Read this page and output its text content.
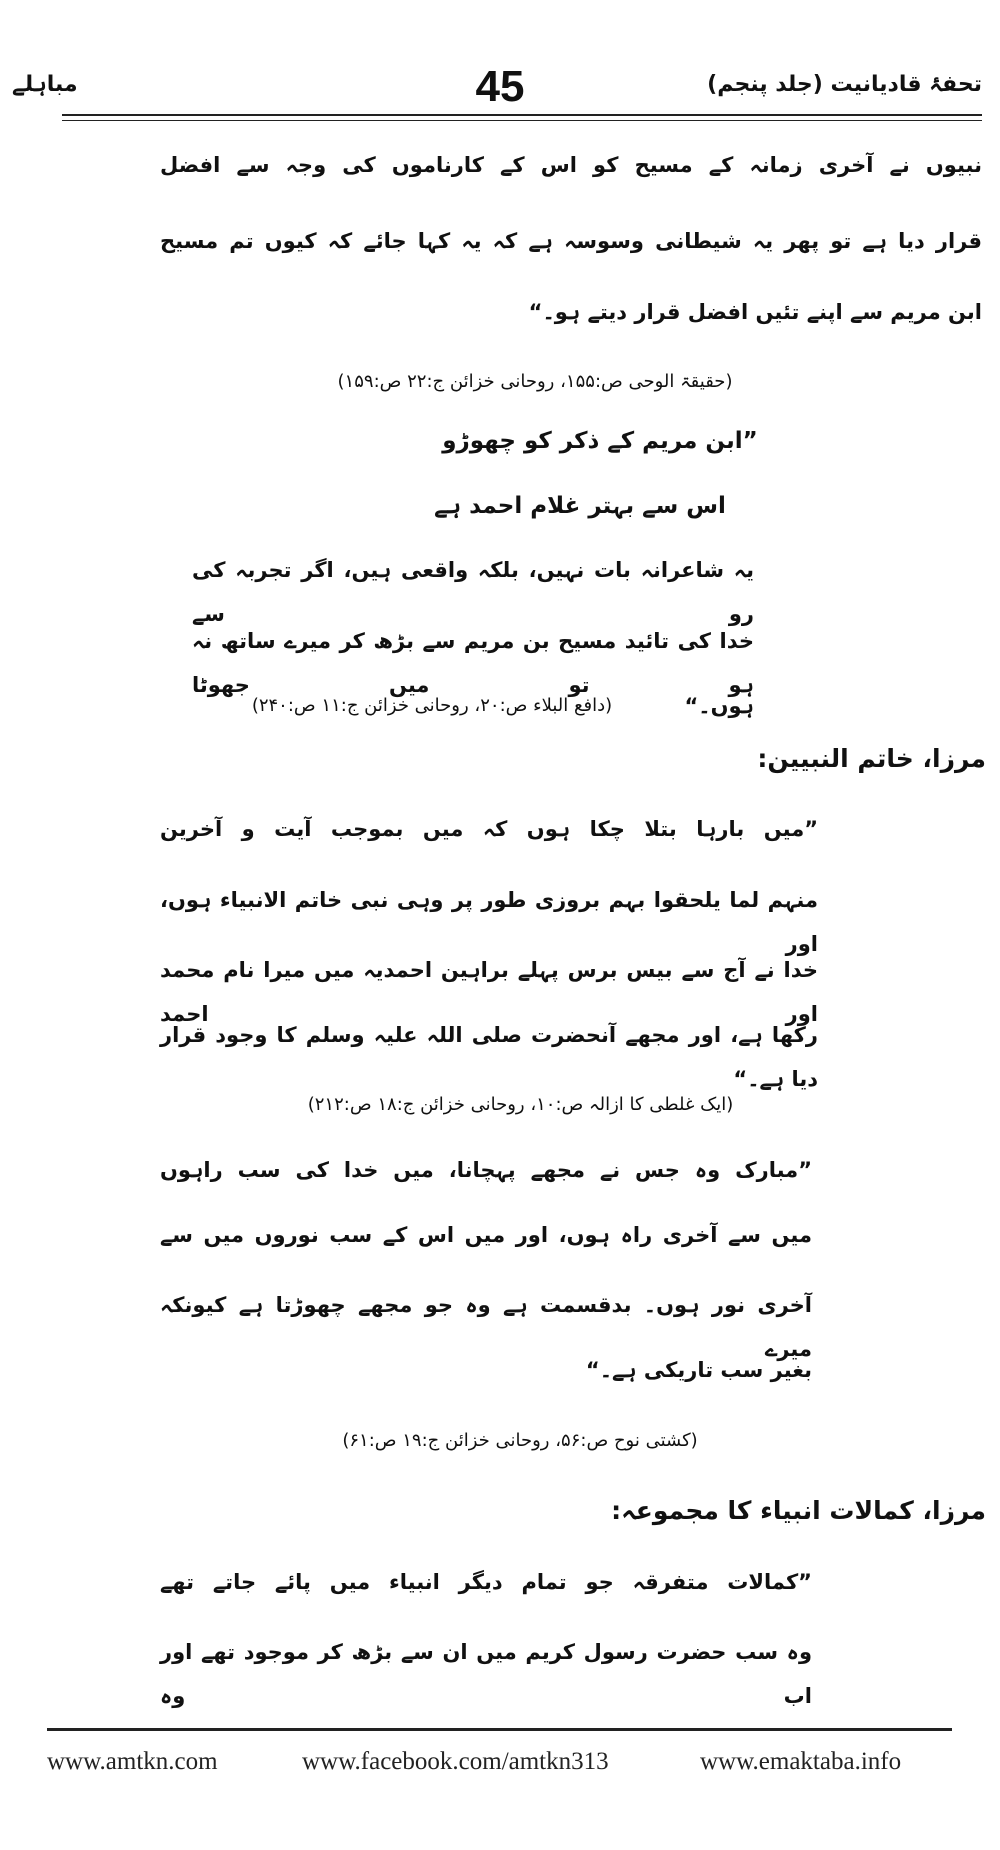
تحفۂ قادیانیت (جلد پنجم)
45
مباہلے
نبیوں نے آخری زمانہ کے مسیح کو اس کے کارناموں کی وجہ سے افضل
قرار دیا ہے تو پھر یہ شیطانی وسوسہ ہے کہ یہ کہا جائے کہ کیوں تم مسیح
ابن مریم سے اپنے تئیں افضل قرار دیتے ہو۔“
(حقیقۃ الوحی ص:۱۵۵، روحانی خزائن ج:۲۲ ص:۱۵۹)
”ابن مریم کے ذکر کو چھوڑو
اس سے بہتر غلام احمد ہے
یہ شاعرانہ بات نہیں، بلکہ واقعی ہیں، اگر تجربہ کی رو سے
خدا کی تائید مسیح بن مریم سے بڑھ کر میرے ساتھ نہ ہو تو میں جھوٹا
ہوں۔“
(دافع البلاء ص:۲۰، روحانی خزائن ج:۱۱ ص:۲۴۰)
مرزا، خاتم النبیین:
”میں بارہا بتلا چکا ہوں کہ میں بموجب آیت و آخرین
منہم لما یلحقوا بہم بروزی طور پر وہی نبی خاتم الانبیاء ہوں، اور
خدا نے آج سے بیس برس پہلے براہین احمدیہ میں میرا نام محمد اور احمد
رکھا ہے، اور مجھے آنحضرت صلی اللہ علیہ وسلم کا وجود قرار دیا ہے۔“
(ایک غلطی کا ازالہ ص:۱۰، روحانی خزائن ج:۱۸ ص:۲۱۲)
”مبارک وہ جس نے مجھے پہچانا، میں خدا کی سب راہوں
میں سے آخری راہ ہوں، اور میں اس کے سب نوروں میں سے
آخری نور ہوں۔ بدقسمت ہے وہ جو مجھے چھوڑتا ہے کیونکہ میرے
بغیر سب تاریکی ہے۔“
(کشتی نوح ص:۵۶، روحانی خزائن ج:۱۹ ص:۶۱)
مرزا، کمالات انبیاء کا مجموعہ:
”کمالات متفرقہ جو تمام دیگر انبیاء میں پائے جاتے تھے
وہ سب حضرت رسول کریم میں ان سے بڑھ کر موجود تھے اور اب وہ
www.amtkn.com	www.facebook.com/amtkn313	www.emaktaba.info
